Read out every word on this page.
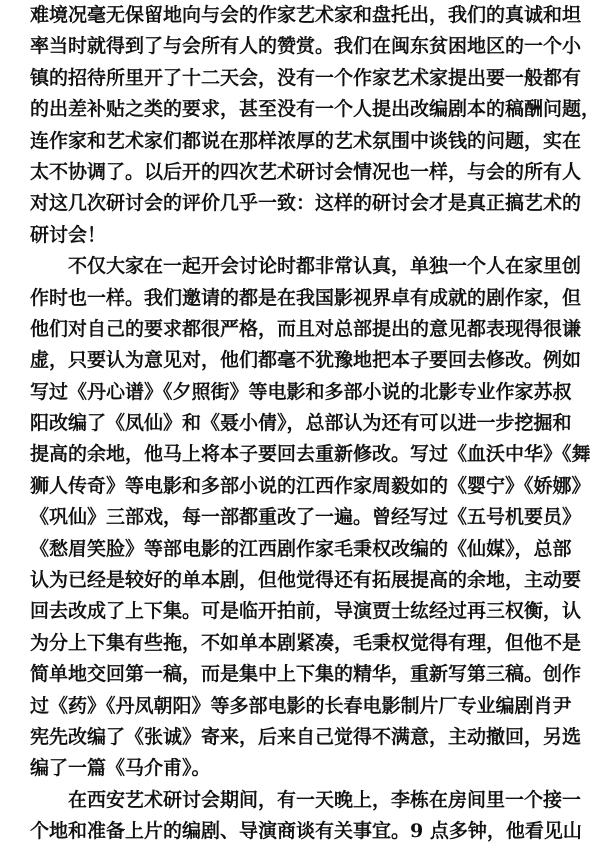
难境况毫无保留地向与会的作家艺术家和盘托出，我们的真诚和坦
率当时就得到了与会所有人的赞赏。我们在闽东贫困地区的一个小
镇的招待所里开了十二天会，没有一个作家艺术家提出要一般都有
的出差补贴之类的要求，甚至没有一个人提出改编剧本的稿酬问题，
连作家和艺术家们都说在那样浓厚的艺术氛围中谈钱的问题，实在
太不协调了。以后开的四次艺术研讨会情况也一样，与会的所有人
对这几次研讨会的评价几乎一致：这样的研讨会才是真正搞艺术的
研讨会！
不仅大家在一起开会讨论时都非常认真，单独一个人在家里创
作时也一样。我们邀请的都是在我国影视界卓有成就的剧作家，但
他们对自己的要求都很严格，而且对总部提出的意见都表现得很谦
虚，只要认为意见对，他们都毫不犹豫地把本子要回去修改。例如
写过《丹心谱》《夕照街》等电影和多部小说的北影专业作家苏叔
阳改编了《凤仙》和《聂小倩》，总部认为还有可以进一步挖掘和
提高的余地，他马上将本子要回去重新修改。写过《血沃中华》《舞
狮人传奇》等电影和多部小说的江西作家周毅如的《婴宁》《娇娜》
《巩仙》三部戏，每一部都重改了一遍。曾经写过《五号机要员》
《愁眉笑脸》等部电影的江西剧作家毛秉权改编的《仙媒》，总部
认为已经是较好的单本剧，但他觉得还有拓展提高的余地，主动要
回去改成了上下集。可是临开拍前，导演贾士纮经过再三权衡，认
为分上下集有些拖，不如单本剧紧凑，毛秉权觉得有理，但他不是
简单地交回第一稿，而是集中上下集的精华，重新写第三稿。创作
过《药》《丹凤朝阳》等多部电影的长春电影制片厂专业编剧肖尹
宪先改编了《张诚》寄来，后来自己觉得不满意，主动撤回，另选
编了一篇《马介甫》。
在西安艺术研讨会期间，有一天晚上，李栋在房间里一个接一
个地和准备上片的编剧、导演商谈有关事宜。9 点多钟，他看见山
